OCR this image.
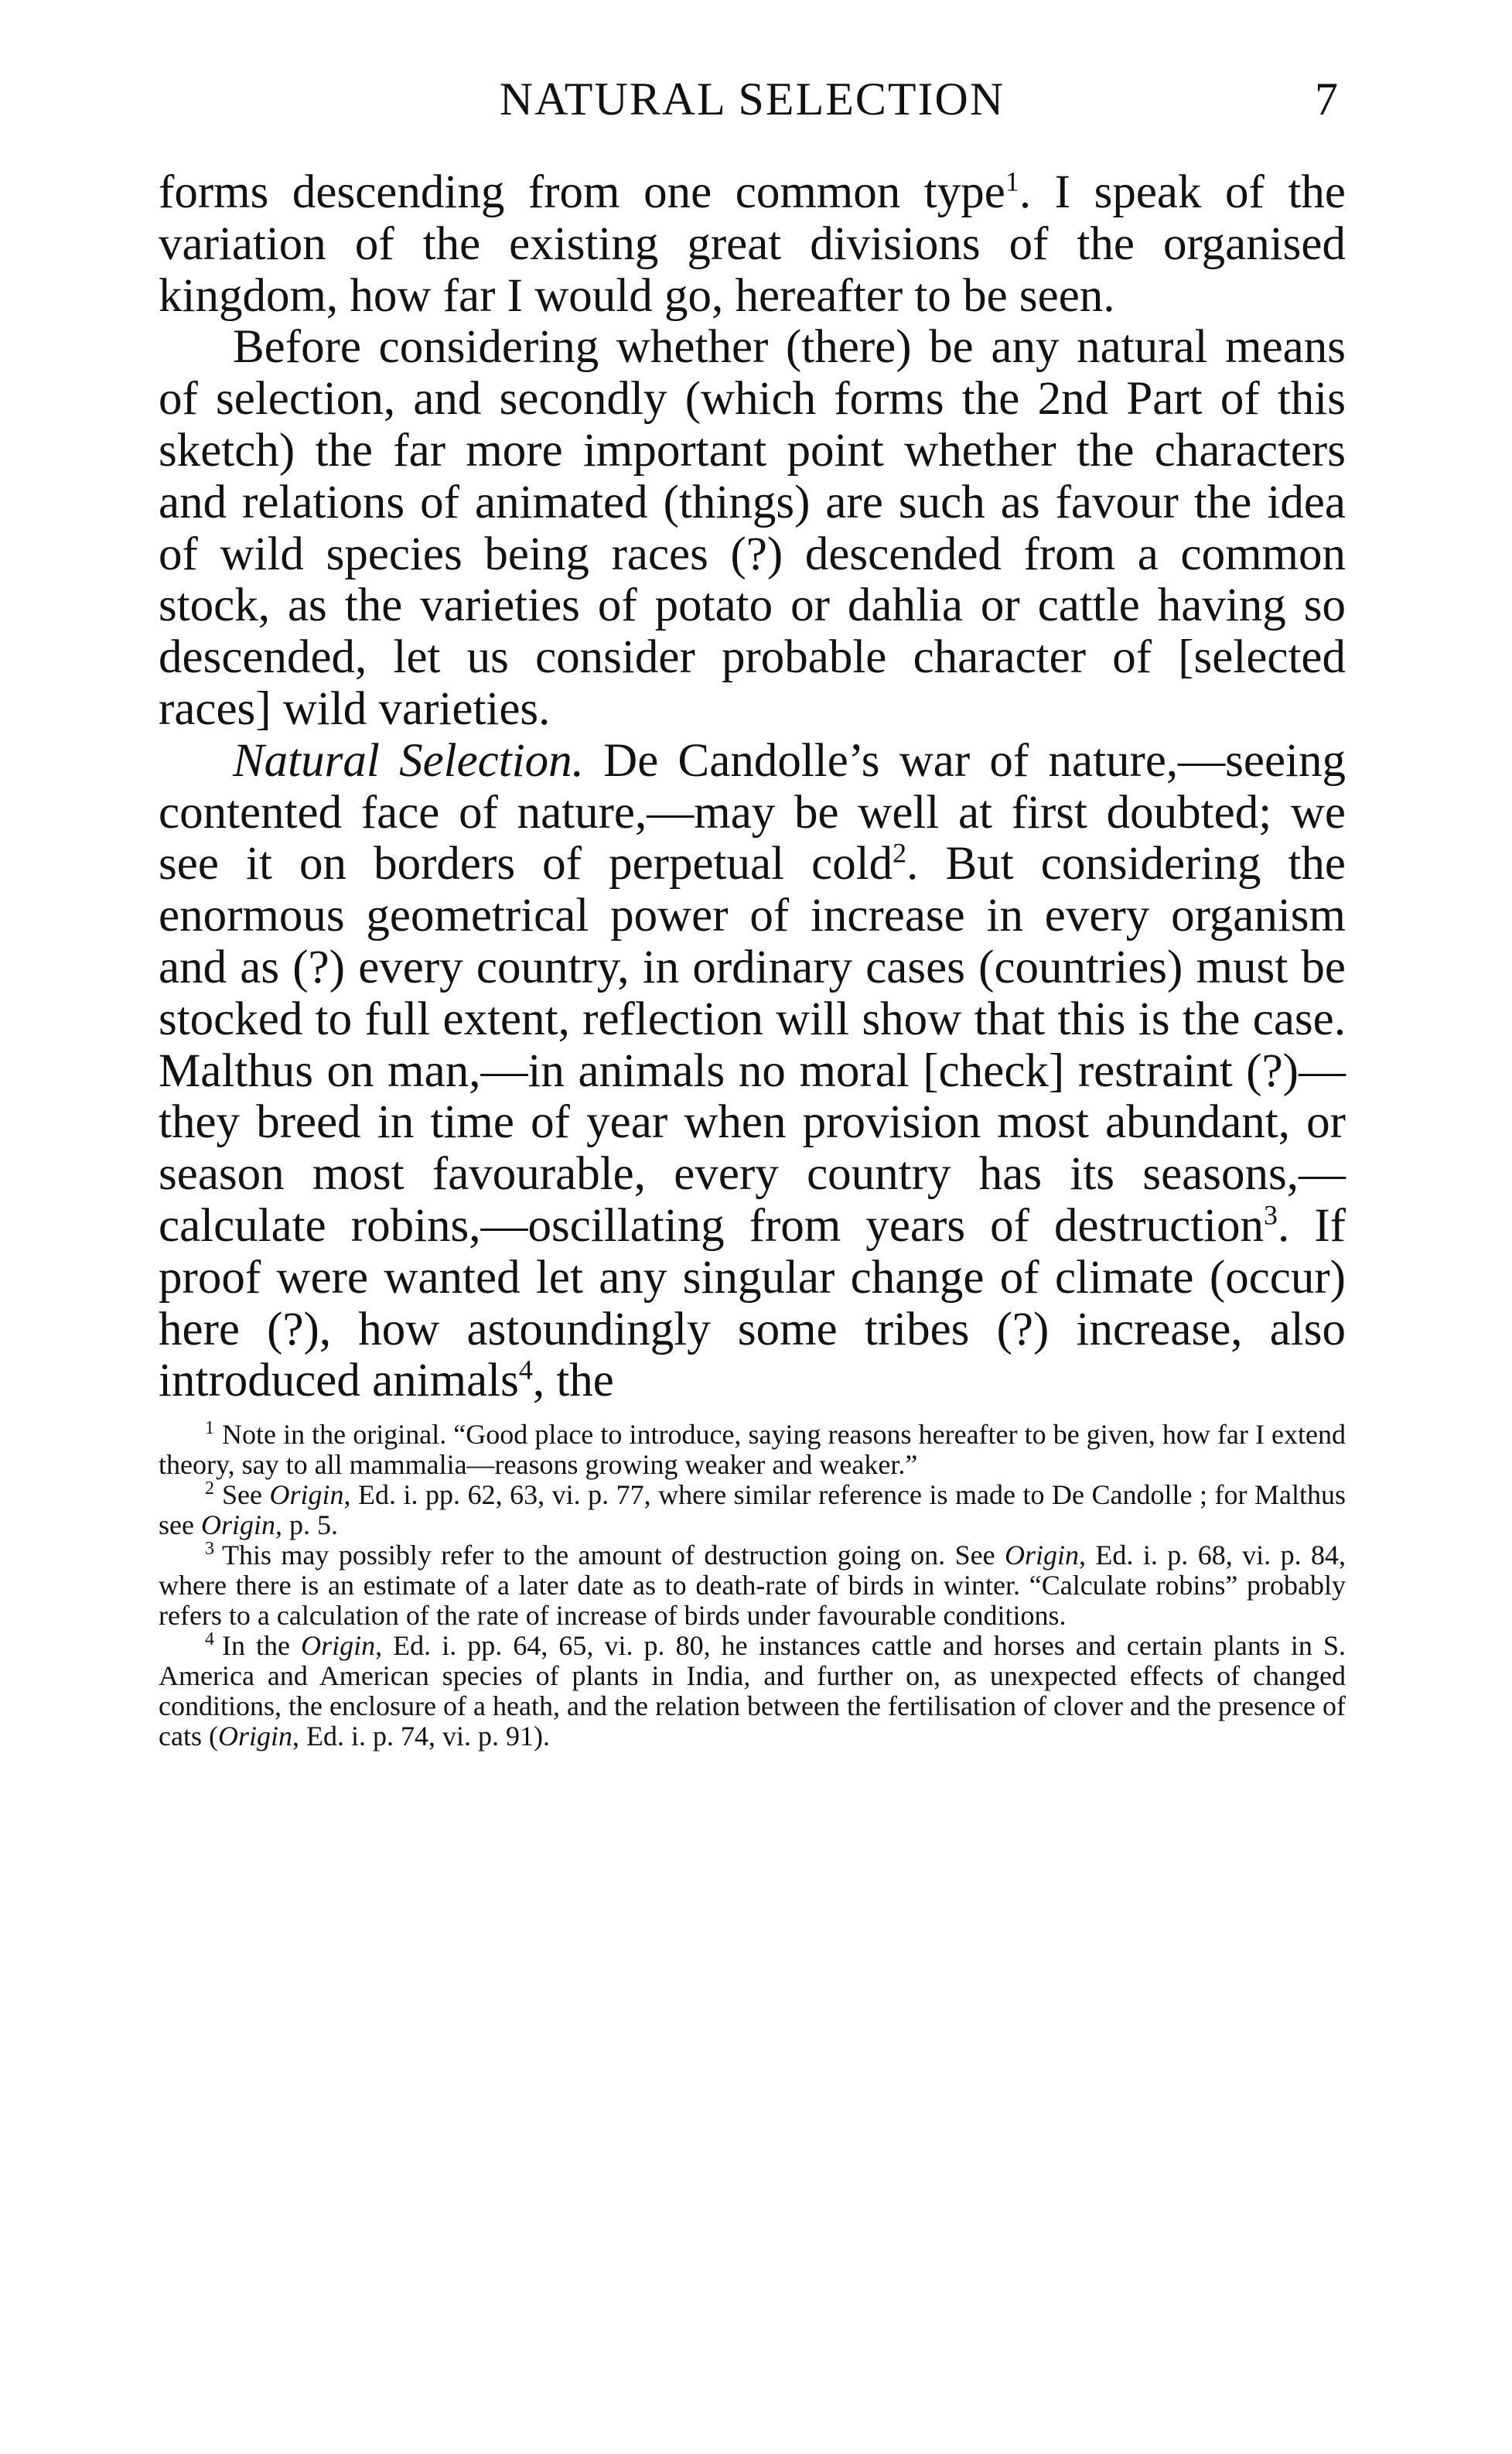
NATURAL SELECTION	7

forms descending from one common type$^1$. I speak of the variation of the existing great divisions of the organised kingdom, how far I would go, hereafter to be seen.

Before considering whether (there) be any natural means of selection, and secondly (which forms the 2nd Part of this sketch) the far more important point whether the characters and relations of animated (things) are such as favour the idea of wild species being races (?) descended from a common stock, as the varieties of potato or dahlia or cattle having so descended, let us consider probable character of [selected races] wild varieties.

Natural Selection. De Candolle’s war of nature,—seeing contented face of nature,—may be well at first doubted; we see it on borders of perpetual cold$^2$. But considering the enormous geometrical power of increase in every organism and as (?) every country, in ordinary cases (countries) must be stocked to full extent, reflection will show that this is the case. Malthus on man,—in animals no moral [check] restraint (?)—they breed in time of year when provision most abundant, or season most favourable, every country has its seasons,—calculate robins,—oscillating from years of destruction$^3$. If proof were wanted let any singular change of climate (occur) here (?), how astoundingly some tribes (?) increase, also introduced animals$^4$, the

$^1$ Note in the original. “Good place to introduce, saying reasons hereafter to be given, how far I extend theory, say to all mammalia—reasons growing weaker and weaker.”

$^2$ See Origin, Ed. i. pp. 62, 63, vi. p. 77, where similar reference is made to De Candolle ; for Malthus see Origin, p. 5.

$^3$ This may possibly refer to the amount of destruction going on. See Origin, Ed. i. p. 68, vi. p. 84, where there is an estimate of a later date as to death-rate of birds in winter. “Calculate robins” probably refers to a calculation of the rate of increase of birds under favourable conditions.

$^4$ In the Origin, Ed. i. pp. 64, 65, vi. p. 80, he instances cattle and horses and certain plants in S. America and American species of plants in India, and further on, as unexpected effects of changed conditions, the enclosure of a heath, and the relation between the fertilisation of clover and the presence of cats (Origin, Ed. i. p. 74, vi. p. 91).
